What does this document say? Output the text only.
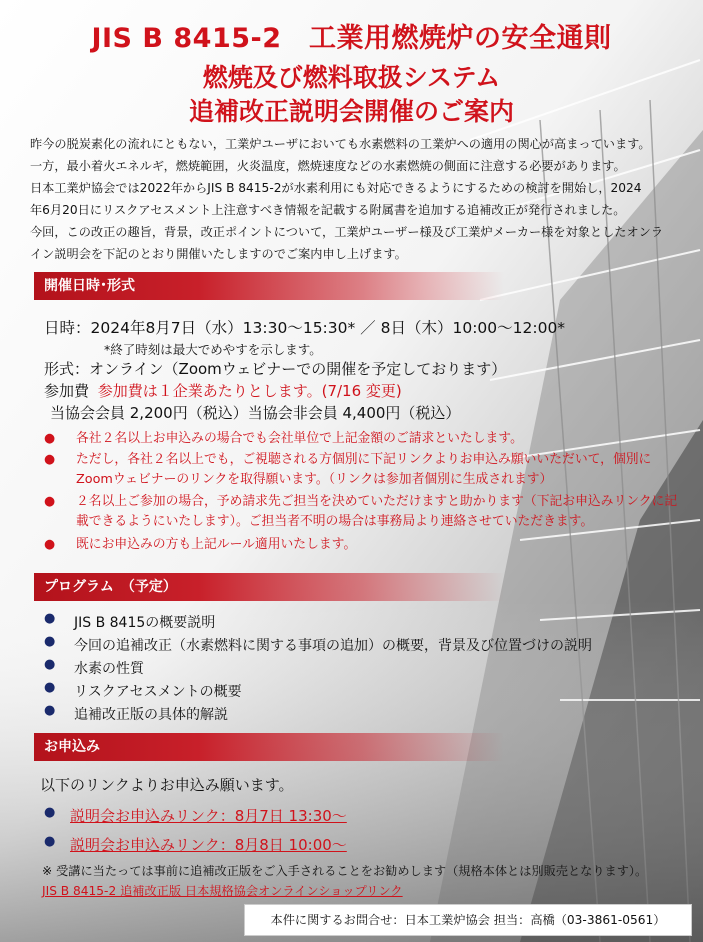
JIS B 8415-2　工業用燃焼炉の安全通則
燃焼及び燃料取扱システム
追補改正説明会開催のご案内

昨今の脱炭素化の流れにともない，工業炉ユーザにおいても水素燃料の工業炉への適用の関心が高まっています。

一方，最小着火エネルギ，燃焼範囲，火炎温度，燃焼速度などの水素燃焼の側面に注意する必要があります。

日本工業炉協会では2022年からJIS B 8415-2が水素利用にも対応できるようにするための検討を開始し，2024

年6月20日にリスクアセスメント上注意すべき情報を記載する附属書を追加する追補改正が発行されました。

今回，この改正の趣旨，背景，改正ポイントについて，工業炉ユーザー様及び工業炉メーカー様を対象としたオンラ

イン説明会を下記のとおり開催いたしますのでご案内申し上げます。

開催日時･形式
日時：2024年8月7日（水）13:30～15:30* ／ 8日（木）10:00～12:00*
*終了時刻は最大でめやすを示します。
形式：オンライン（Zoomウェビナーでの開催を予定しております）
参加費 参加費は１企業あたりとします。(7/16 変更)
当協会会員 2,200円（税込）当協会非会員 4,400円（税込）
● 各社２名以上お申込みの場合でも会社単位で上記金額のご請求といたします。
● ただし，各社２名以上でも，ご視聴される方個別に下記リンクよりお申込み願いいただいて，個別にZoomウェビナーのリンクを取得願います。（リンクは参加者個別に生成されます）
● ２名以上ご参加の場合，予め請求先ご担当を決めていただけますと助かります（下記お申込みリンクに記載できるようにいたします）。ご担当者不明の場合は事務局より連絡させていただきます。
● 既にお申込みの方も上記ルール適用いたします。
プログラム　（予定）
● JIS B 8415の概要説明
● 今回の追補改正（水素燃料に関する事項の追加）の概要，背景及び位置づけの説明
● 水素の性質
● リスクアセスメントの概要
● 追補改正版の具体的解説
お申込み
以下のリンクよりお申込み願います。
● 説明会お申込みリンク：8月7日 13:30～
● 説明会お申込みリンク：8月8日 10:00～
※ 受講に当たっては事前に追補改正版をご入手されることをお勧めします（規格本体とは別販売となります）。
JIS B 8415-2 追補改正版 日本規格協会オンラインショップリンク
本件に関するお問合せ：日本工業炉協会 担当：高橋（03-3861-0561）
